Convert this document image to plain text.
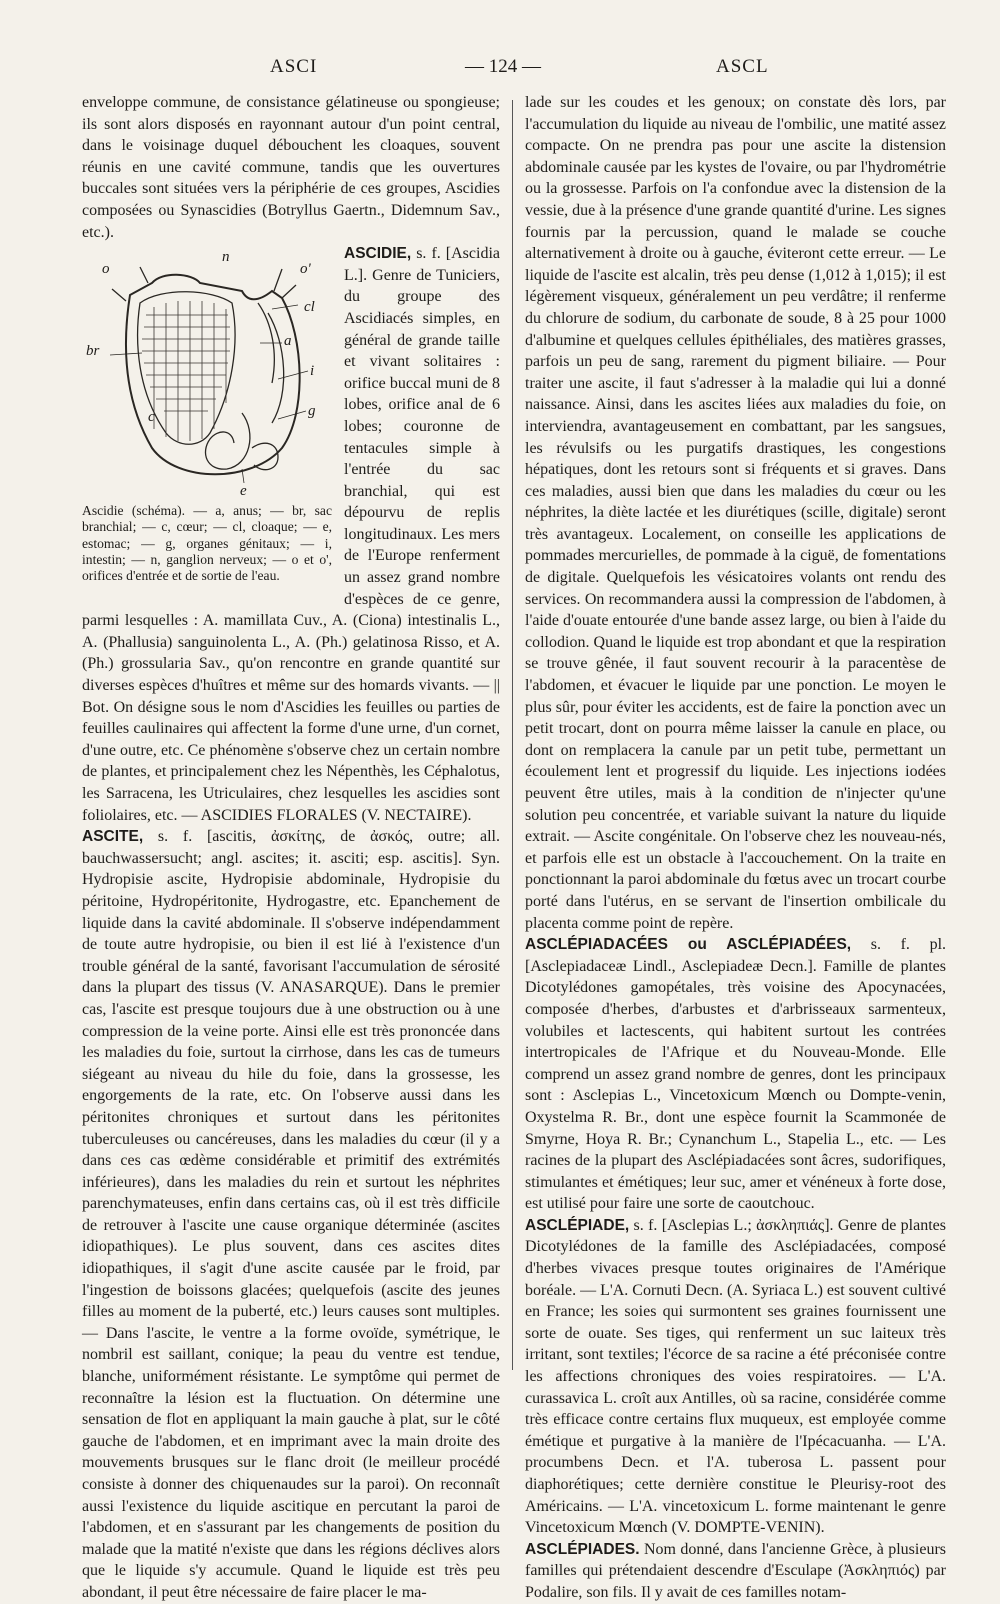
ASCI	— 124 —	ASCL

enveloppe commune, de consistance gélatineuse ou spongieuse; ils sont alors disposés en rayonnant autour d'un point central, dans le voisinage duquel débouchent les cloaques, souvent réunis en une cavité commune, tandis que les ouvertures buccales sont situées vers la périphérie de ces groupes, Ascidies composées ou Synascidies (Botryllus Gaertn., Didemnum Sav., etc.).

ASCIDIE,
o
n
o'
cl
br
a
i
g
c
e
Ascidie (schéma). — a, anus; — br, sac branchial; — c, cœur; — cl, cloaque; — e, estomac; — g, organes génitaux; — i, intestin; — n, ganglion nerveux; — o et o', orifices d'entrée et de sortie de l'eau.
s. f. [Ascidia L.]. Genre de Tuniciers, du groupe des Ascidiacés simples, en général de grande taille et vivant solitaires : orifice buccal muni de 8 lobes, orifice anal de 6 lobes; couronne de tentacules simple à l'entrée du sac branchial, qui est dépourvu de replis longitudinaux. Les mers de l'Europe renferment un assez grand nombre d'espèces de ce genre, parmi lesquelles : A. mamillata Cuv., A. (Ciona) intestinalis L., A. (Phallusia) sanguinolenta L., A. (Ph.) gelatinosa Risso, et A. (Ph.) grossularia Sav., qu'on rencontre en grande quantité sur diverses espèces d'huîtres et même sur des homards vivants. — || Bot. On désigne sous le nom d'Ascidies les feuilles ou parties de feuilles caulinaires qui affectent la forme d'une urne, d'un cornet, d'une outre, etc. Ce phénomène s'observe chez un certain nombre de plantes, et principalement chez les Népenthès, les Céphalotus, les Sarracena, les Utriculaires, chez lesquelles les ascidies sont foliolaires, etc. — ASCIDIES FLORALES (V. NECTAIRE).

ASCITE, s. f. [ascitis, ἀσκίτης, de ἀσκός, outre; all. bauchwassersucht; angl. ascites; it. asciti; esp. ascitis]. Syn. Hydropisie ascite, Hydropisie abdominale, Hydropisie du péritoine, Hydropéritonite, Hydrogastre, etc. Epanchement de liquide dans la cavité abdominale. Il s'observe indépendamment de toute autre hydropisie, ou bien il est lié à l'existence d'un trouble général de la santé, favorisant l'accumulation de sérosité dans la plupart des tissus (V. ANASARQUE). Dans le premier cas, l'ascite est presque toujours due à une obstruction ou à une compression de la veine porte. Ainsi elle est très prononcée dans les maladies du foie, surtout la cirrhose, dans les cas de tumeurs siégeant au niveau du hile du foie, dans la grossesse, les engorgements de la rate, etc. On l'observe aussi dans les péritonites chroniques et surtout dans les péritonites tuberculeuses ou cancéreuses, dans les maladies du cœur (il y a dans ces cas œdème considérable et primitif des extrémités inférieures), dans les maladies du rein et surtout les néphrites parenchymateuses, enfin dans certains cas, où il est très difficile de retrouver à l'ascite une cause organique déterminée (ascites idiopathiques). Le plus souvent, dans ces ascites dites idiopathiques, il s'agit d'une ascite causée par le froid, par l'ingestion de boissons glacées; quelquefois (ascite des jeunes filles au moment de la puberté, etc.) leurs causes sont multiples. — Dans l'ascite, le ventre a la forme ovoïde, symétrique, le nombril est saillant, conique; la peau du ventre est tendue, blanche, uniformément résistante. Le symptôme qui permet de reconnaître la lésion est la fluctuation. On détermine une sensation de flot en appliquant la main gauche à plat, sur le côté gauche de l'abdomen, et en imprimant avec la main droite des mouvements brusques sur le flanc droit (le meilleur procédé consiste à donner des chiquenaudes sur la paroi). On reconnaît aussi l'existence du liquide ascitique en percutant la paroi de l'abdomen, et en s'assurant par les changements de position du malade que la matité n'existe que dans les régions déclives alors que le liquide s'y accumule. Quand le liquide est très peu abondant, il peut être nécessaire de faire placer le ma-

lade sur les coudes et les genoux; on constate dès lors, par l'accumulation du liquide au niveau de l'ombilic, une matité assez compacte. On ne prendra pas pour une ascite la distension abdominale causée par les kystes de l'ovaire, ou par l'hydrométrie ou la grossesse. Parfois on l'a confondue avec la distension de la vessie, due à la présence d'une grande quantité d'urine. Les signes fournis par la percussion, quand le malade se couche alternativement à droite ou à gauche, éviteront cette erreur. — Le liquide de l'ascite est alcalin, très peu dense (1,012 à 1,015); il est légèrement visqueux, généralement un peu verdâtre; il renferme du chlorure de sodium, du carbonate de soude, 8 à 25 pour 1000 d'albumine et quelques cellules épithéliales, des matières grasses, parfois un peu de sang, rarement du pigment biliaire. — Pour traiter une ascite, il faut s'adresser à la maladie qui lui a donné naissance. Ainsi, dans les ascites liées aux maladies du foie, on interviendra, avantageusement en combattant, par les sangsues, les révulsifs ou les purgatifs drastiques, les congestions hépatiques, dont les retours sont si fréquents et si graves. Dans ces maladies, aussi bien que dans les maladies du cœur ou les néphrites, la diète lactée et les diurétiques (scille, digitale) seront très avantageux. Localement, on conseille les applications de pommades mercurielles, de pommade à la ciguë, de fomentations de digitale. Quelquefois les vésicatoires volants ont rendu des services. On recommandera aussi la compression de l'abdomen, à l'aide d'ouate entourée d'une bande assez large, ou bien à l'aide du collodion. Quand le liquide est trop abondant et que la respiration se trouve gênée, il faut souvent recourir à la paracentèse de l'abdomen, et évacuer le liquide par une ponction. Le moyen le plus sûr, pour éviter les accidents, est de faire la ponction avec un petit trocart, dont on pourra même laisser la canule en place, ou dont on remplacera la canule par un petit tube, permettant un écoulement lent et progressif du liquide. Les injections iodées peuvent être utiles, mais à la condition de n'injecter qu'une solution peu concentrée, et variable suivant la nature du liquide extrait. — Ascite congénitale. On l'observe chez les nouveau-nés, et parfois elle est un obstacle à l'accouchement. On la traite en ponctionnant la paroi abdominale du fœtus avec un trocart courbe porté dans l'utérus, en se servant de l'insertion ombilicale du placenta comme point de repère.

ASCLÉPIADACÉES ou ASCLÉPIADÉES, s. f. pl. [Asclepiadaceæ Lindl., Asclepiadeæ Decn.]. Famille de plantes Dicotylédones gamopétales, très voisine des Apocynacées, composée d'herbes, d'arbustes et d'arbrisseaux sarmenteux, volubiles et lactescents, qui habitent surtout les contrées intertropicales de l'Afrique et du Nouveau-Monde. Elle comprend un assez grand nombre de genres, dont les principaux sont : Asclepias L., Vincetoxicum Mœnch ou Dompte-venin, Oxystelma R. Br., dont une espèce fournit la Scammonée de Smyrne, Hoya R. Br.; Cynanchum L., Stapelia L., etc. — Les racines de la plupart des Asclépiadacées sont âcres, sudorifiques, stimulantes et émétiques; leur suc, amer et vénéneux à forte dose, est utilisé pour faire une sorte de caoutchouc.

ASCLÉPIADE, s. f. [Asclepias L.; ἀσκληπιάς]. Genre de plantes Dicotylédones de la famille des Asclépiadacées, composé d'herbes vivaces presque toutes originaires de l'Amérique boréale. — L'A. Cornuti Decn. (A. Syriaca L.) est souvent cultivé en France; les soies qui surmontent ses graines fournissent une sorte de ouate. Ses tiges, qui renferment un suc laiteux très irritant, sont textiles; l'écorce de sa racine a été préconisée contre les affections chroniques des voies respiratoires. — L'A. curassavica L. croît aux Antilles, où sa racine, considérée comme très efficace contre certains flux muqueux, est employée comme émétique et purgative à la manière de l'Ipécacuanha. — L'A. procumbens Decn. et l'A. tuberosa L. passent pour diaphorétiques; cette dernière constitue le Pleurisy-root des Américains. — L'A. vincetoxicum L. forme maintenant le genre Vincetoxicum Mœnch (V. DOMPTE-VENIN).

ASCLÉPIADES. Nom donné, dans l'ancienne Grèce, à plusieurs familles qui prétendaient descendre d'Esculape (Ἀσκληπιός) par Podalire, son fils. Il y avait de ces familles notam-
